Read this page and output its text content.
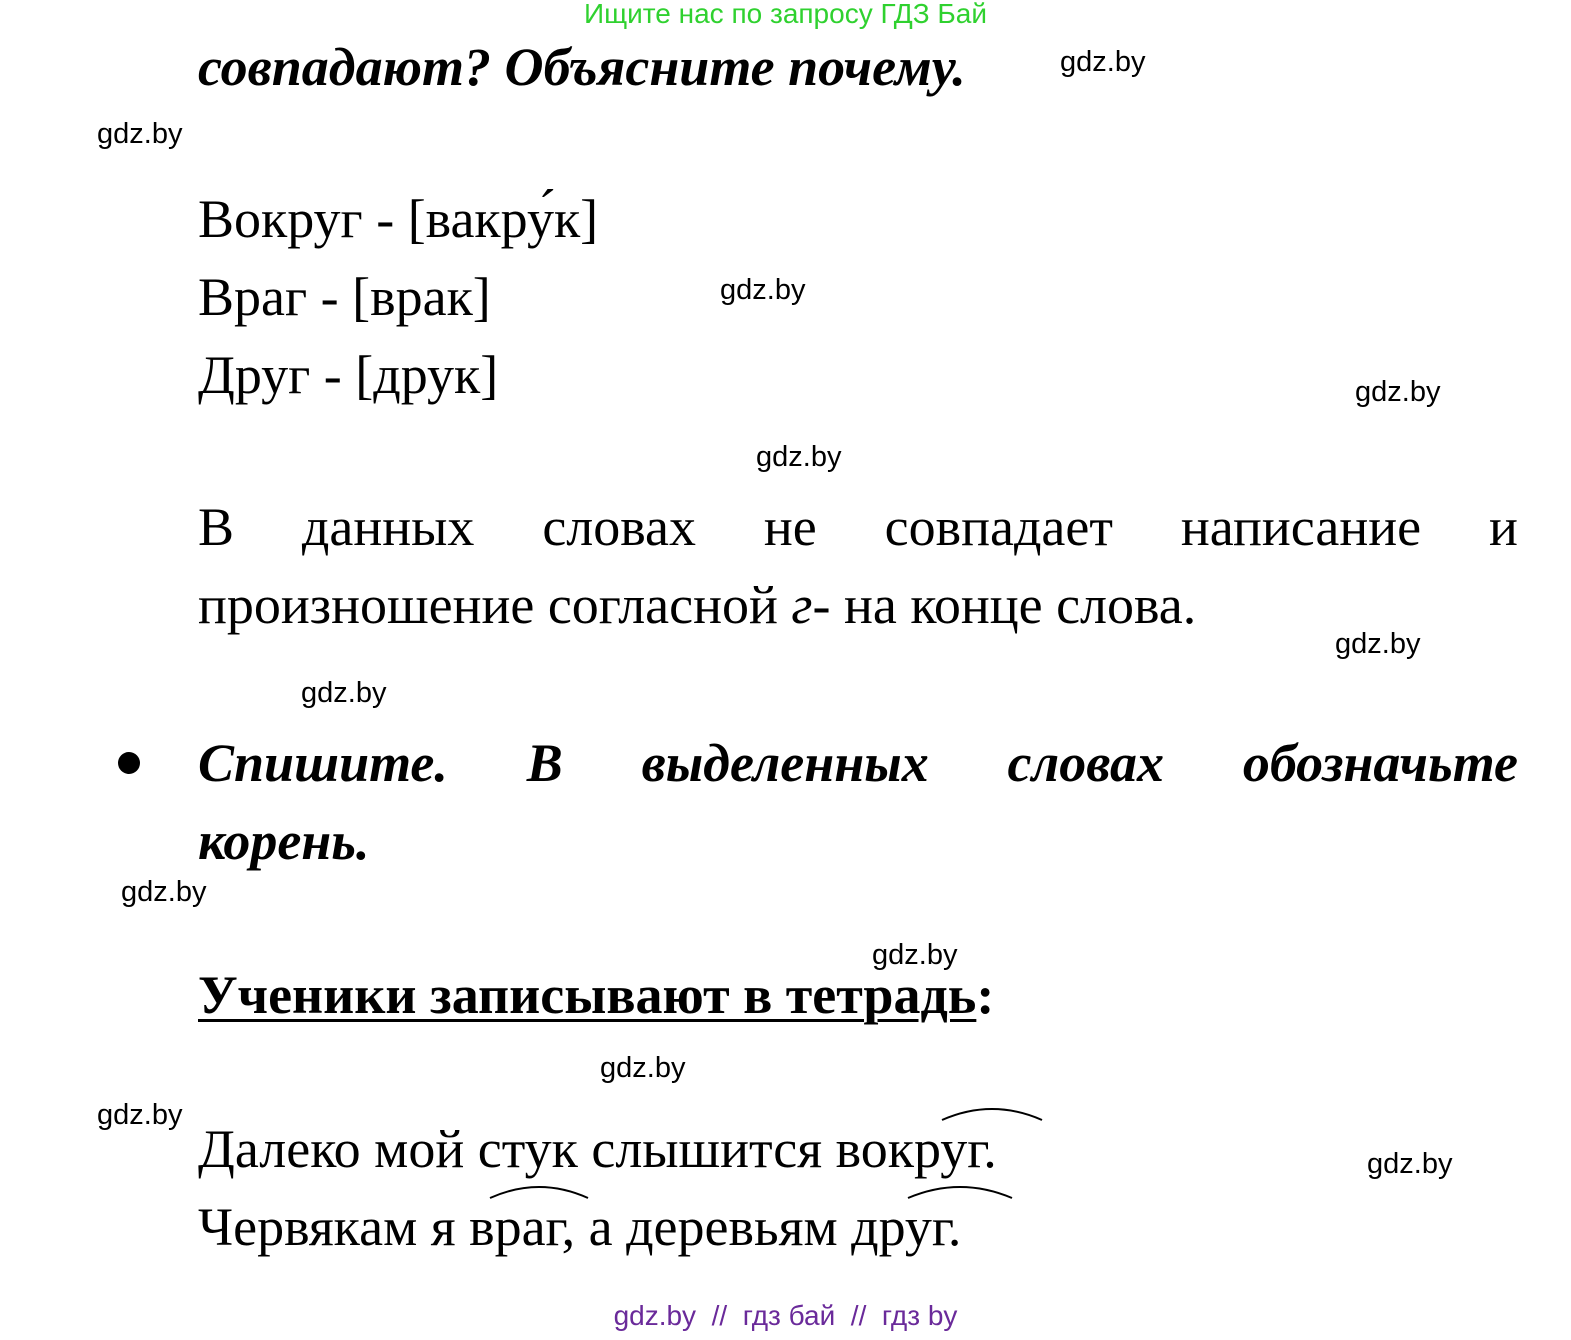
Ищите нас по запросу ГДЗ Бай
совпадают? Объясните почему.	gdz.by
gdz.by
gdz.by
gdz.by
gdz.by
gdz.by
gdz.by
gdz.by
gdz.by
gdz.by
gdz.by
gdz.by
Вокруг - [вакру́к]
Враг - [врак]
Друг - [друк]
В данных словах не совпадает написание и
произношение согласной г- на конце слова.
Спишите. В выделенных словах обозначьте
корень.
Ученики записывают в тетрадь:
Далеко мой стук слышится вокруг.
Червякам я враг, а деревьям друг.
gdz.by  //  гдз бай  //  гдз by
